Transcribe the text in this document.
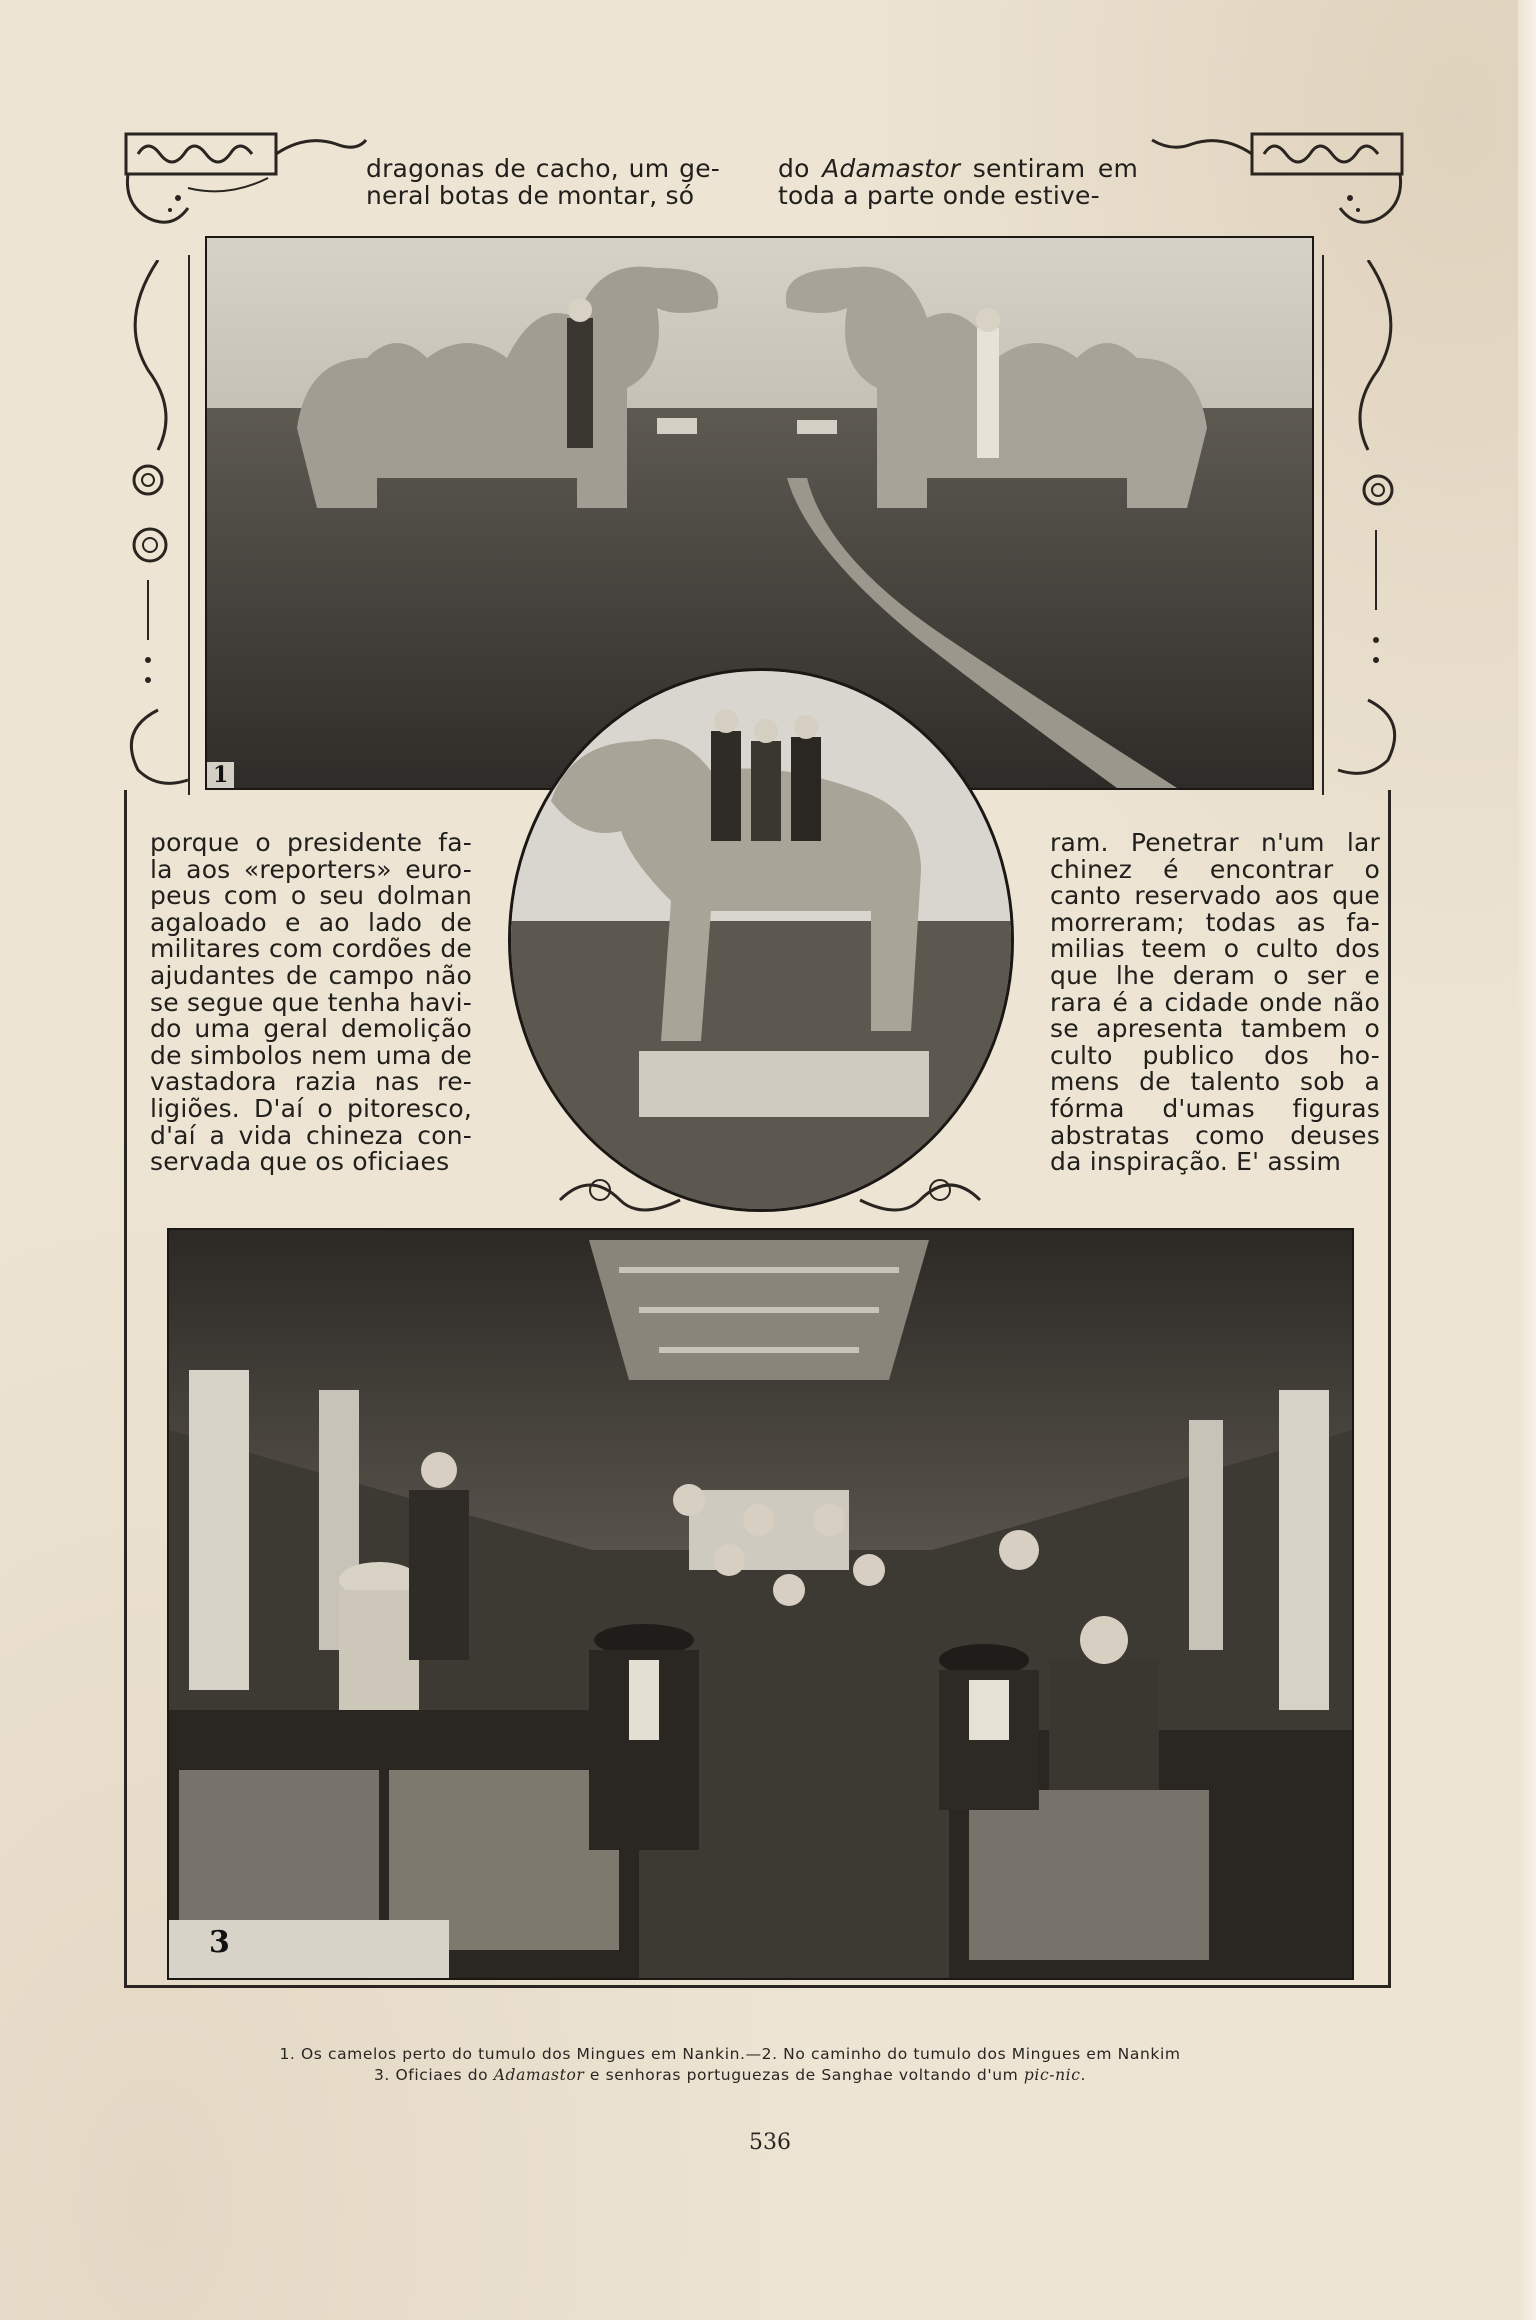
dragonas de cacho, um ge-
neral botas de montar, só
do Adamastor sentiram em
toda a parte onde estive-
1
porque o presidente fa-
la aos «reporters» euro-
peus com o seu dolman
agaloado e ao lado de
militares com cordões de
ajudantes de campo não
se segue que tenha havi-
do uma geral demolição
de simbolos nem uma de
vastadora razia nas re-
ligiões. D'aí o pitoresco,
d'aí a vida chineza con-
servada que os oficiaes
ram. Penetrar n'um lar
chinez é encontrar o
canto reservado aos que
morreram; todas as fa-
milias teem o culto dos
que lhe deram o ser e
rara é a cidade onde não
se apresenta tambem o
culto publico dos ho-
mens de talento sob a
fórma d'umas figuras
abstratas como deuses
da inspiração. E' assim
3
1. Os camelos perto do tumulo dos Mingues em Nankin.—2. No caminho do tumulo dos Mingues em Nankim
3. Oficiaes do Adamastor e senhoras portuguezas de Sanghae voltando d'um pic-nic.
536
